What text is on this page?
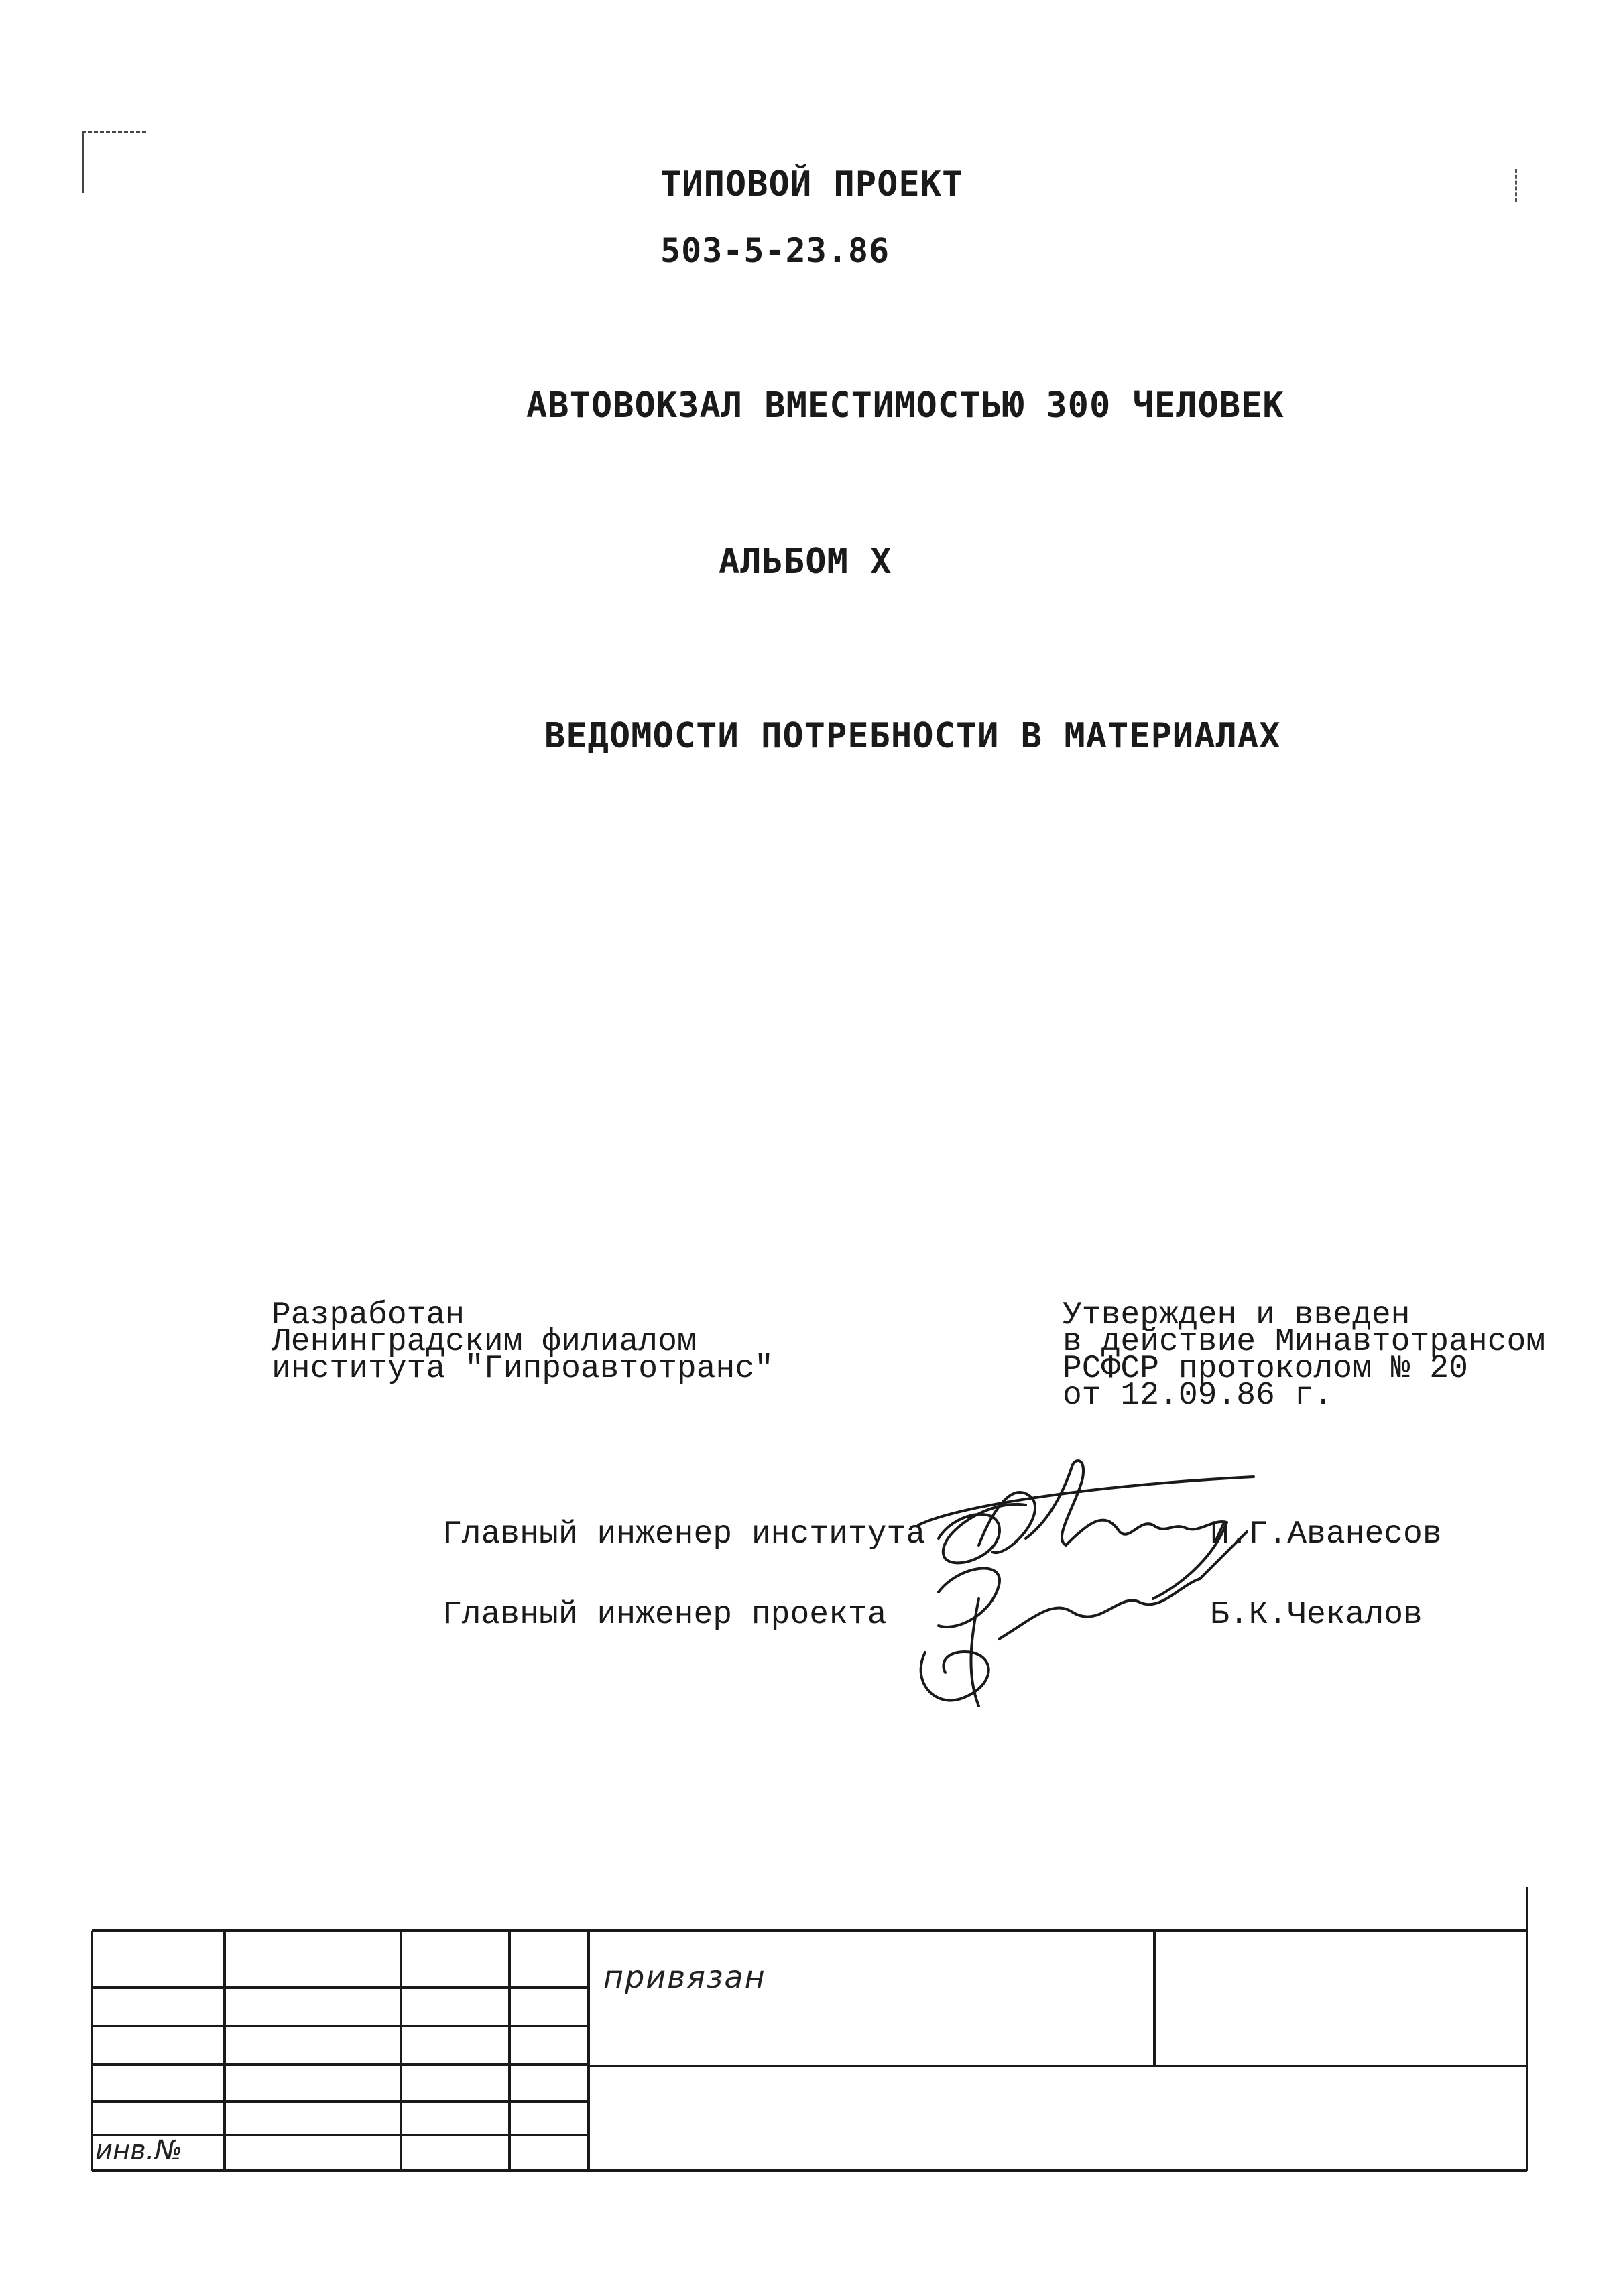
ТИПОВОЙ ПРОЕКТ
503-5-23.86
АВТОВОКЗАЛ ВМЕСТИМОСТЬЮ 300 ЧЕЛОВЕК
АЛЬБОМ X
ВЕДОМОСТИ ПОТРЕБНОСТИ В МАТЕРИАЛАХ
Разработан
Ленинградским филиалом
института "Гипроавтотранс"
Утвержден и введен
в действие Минавтотрансом
РСФСР протоколом № 20
от 12.09.86 г.
Главный инженер института	И.Г.Аванесов
Главный инженер проекта	Б.К.Чекалов
привязан
инв.№
